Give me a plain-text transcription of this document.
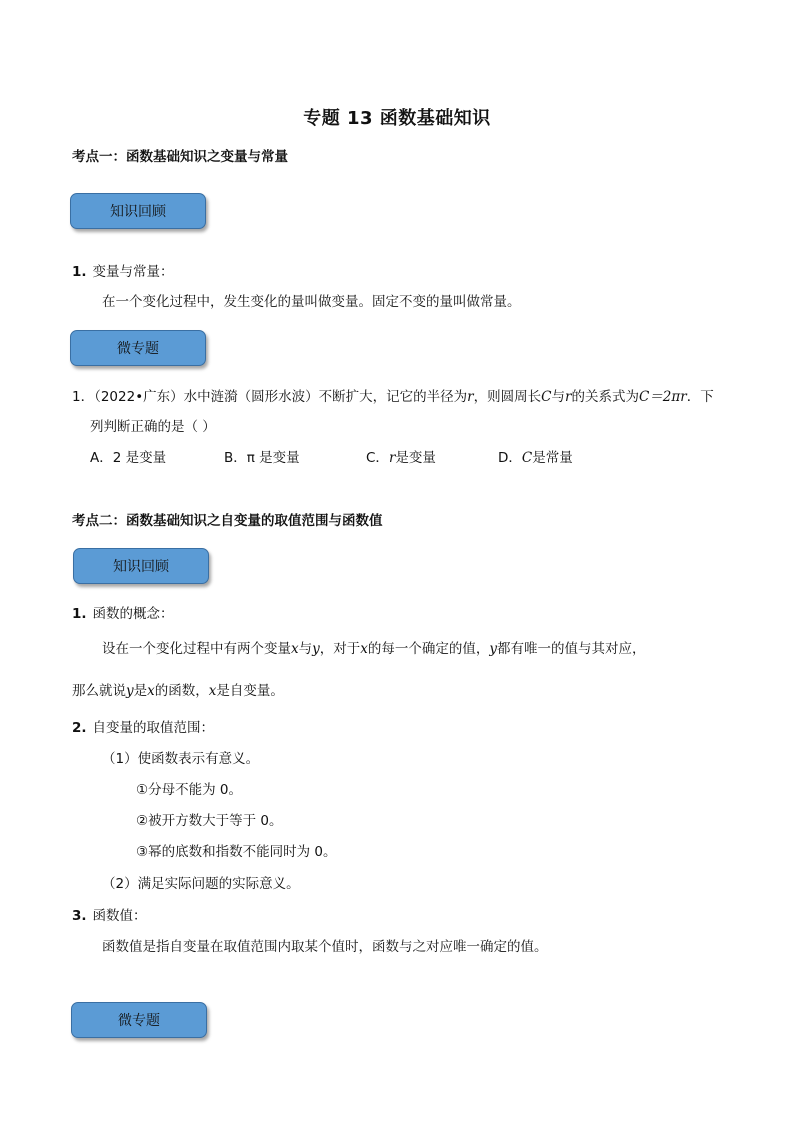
专题 13 函数基础知识
考点一：函数基础知识之变量与常量
知识回顾
1. 变量与常量：
在一个变化过程中，发生变化的量叫做变量。固定不变的量叫做常量。
微专题
1．（2022•广东）水中涟漪（圆形水波）不断扩大，记它的半径为r，则圆周长C与r的关系式为C＝2πr．下
列判断正确的是（ ）
A．2 是变量	B．π 是变量	C．r是变量	D．C是常量
考点二：函数基础知识之自变量的取值范围与函数值
知识回顾
1. 函数的概念：
设在一个变化过程中有两个变量x与y，对于x的每一个确定的值，y都有唯一的值与其对应，
那么就说y是x的函数，x是自变量。
2. 自变量的取值范围：
（1）使函数表示有意义。
①分母不能为 0。
②被开方数大于等于 0。
③幂的底数和指数不能同时为 0。
（2）满足实际问题的实际意义。
3. 函数值：
函数值是指自变量在取值范围内取某个值时，函数与之对应唯一确定的值。
微专题
